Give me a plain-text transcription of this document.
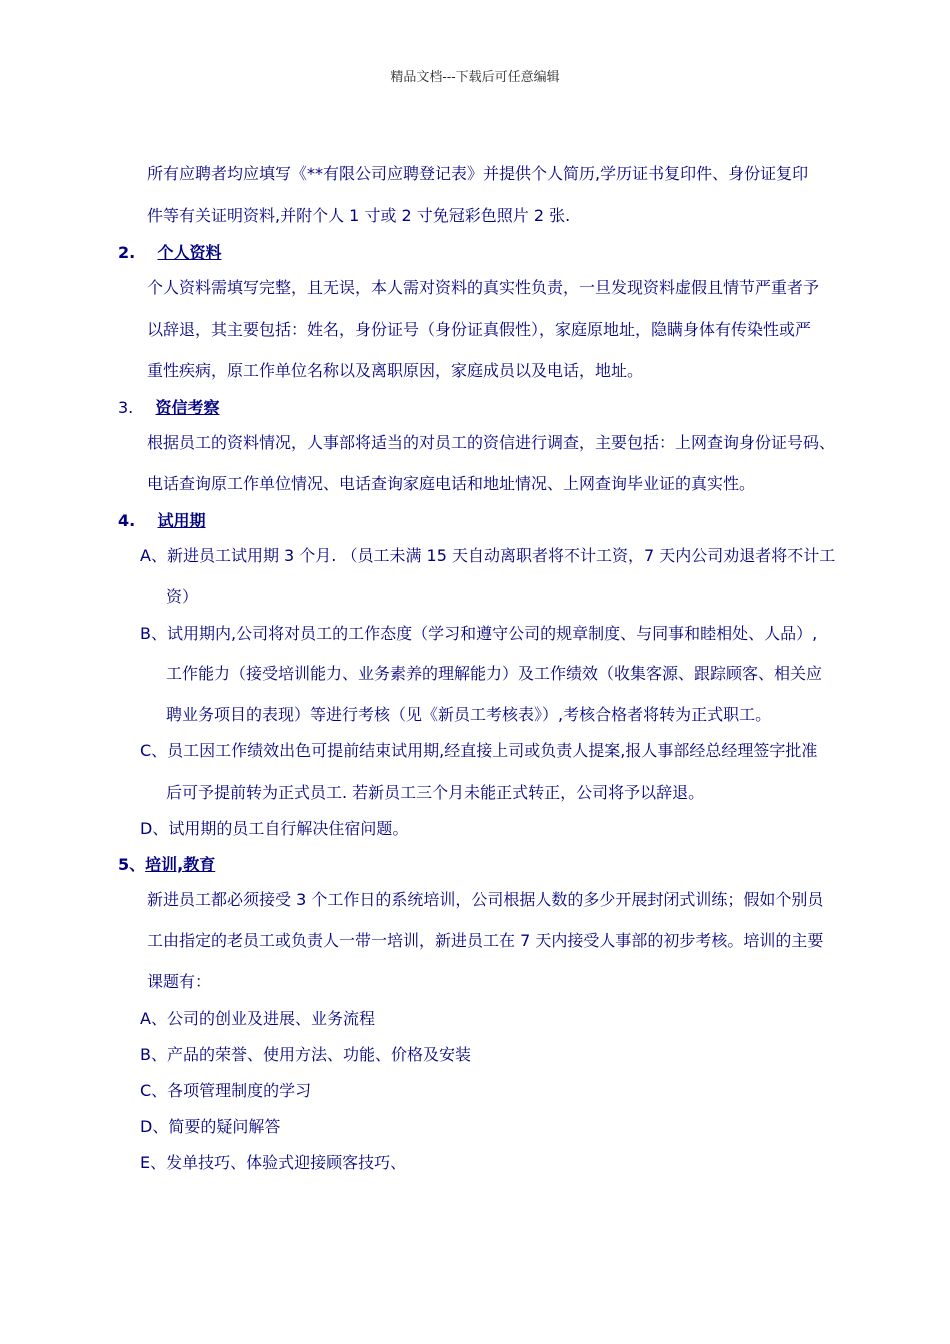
精品文档---下载后可任意编辑
所有应聘者均应填写《**有限公司应聘登记表》并提供个人简历,学历证书复印件、身份证复印
件等有关证明资料,并附个人 1 寸或 2 寸免冠彩色照片 2 张.
2. 个人资料
个人资料需填写完整，且无误，本人需对资料的真实性负责，一旦发现资料虚假且情节严重者予
以辞退，其主要包括：姓名，身份证号（身份证真假性），家庭原地址，隐瞒身体有传染性或严
重性疾病，原工作单位名称以及离职原因，家庭成员以及电话，地址。
3. 资信考察
根据员工的资料情况，人事部将适当的对员工的资信进行调查，主要包括：上网查询身份证号码、
电话查询原工作单位情况、电话查询家庭电话和地址情况、上网查询毕业证的真实性。
4. 试用期
A、新进员工试用期 3 个月. （员工未满 15 天自动离职者将不计工资，7 天内公司劝退者将不计工
资）
B、试用期内,公司将对员工的工作态度（学习和遵守公司的规章制度、与同事和睦相处、人品）,
工作能力（接受培训能力、业务素养的理解能力）及工作绩效（收集客源、跟踪顾客、相关应
聘业务项目的表现）等进行考核（见《新员工考核表》）,考核合格者将转为正式职工。
C、员工因工作绩效出色可提前结束试用期,经直接上司或负责人提案,报人事部经总经理签字批准
后可予提前转为正式员工. 若新员工三个月未能正式转正，公司将予以辞退。
D、试用期的员工自行解决住宿问题。
5、培训,教育
新进员工都必须接受 3 个工作日的系统培训，公司根据人数的多少开展封闭式训练；假如个别员
工由指定的老员工或负责人一带一培训，新进员工在 7 天内接受人事部的初步考核。培训的主要
课题有：
A、公司的创业及进展、业务流程
B、产品的荣誉、使用方法、功能、价格及安装
C、各项管理制度的学习
D、简要的疑问解答
E、发单技巧、体验式迎接顾客技巧、
